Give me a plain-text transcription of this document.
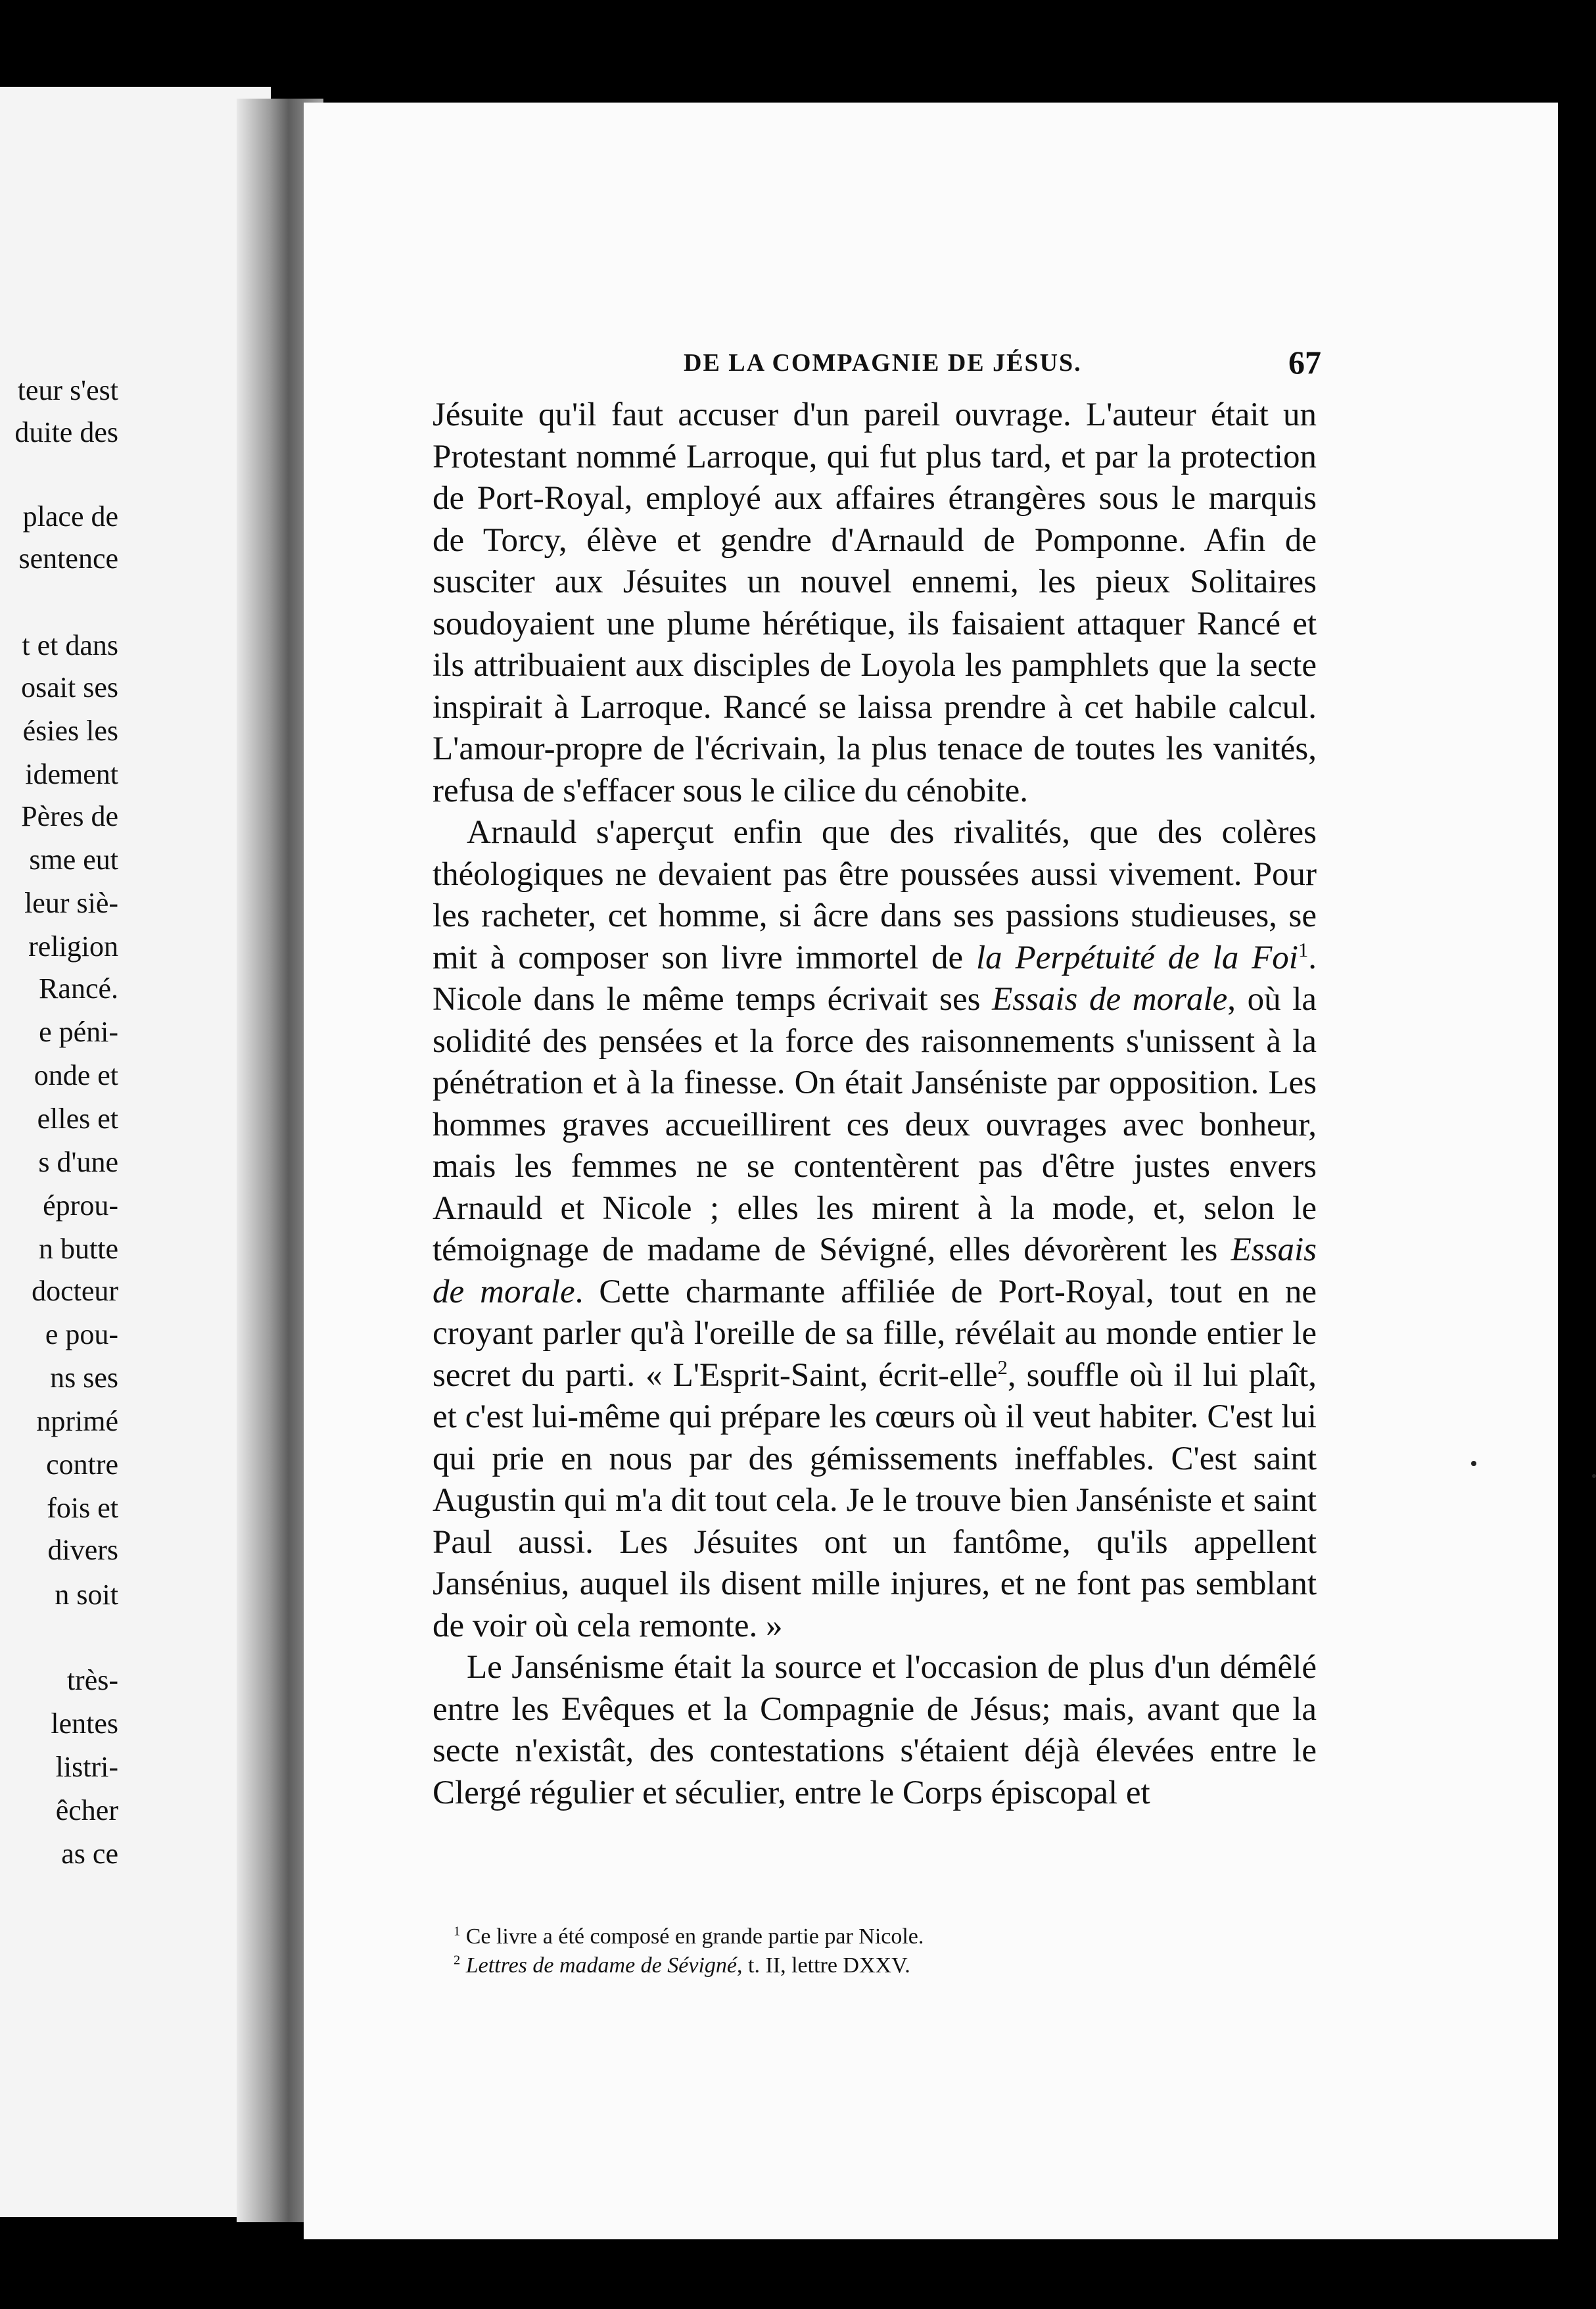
teur s'est
duite des
place de
sentence
t et dans
osait ses
ésies les
idement
Pères de
sme eut
leur siè-
religion
Rancé.
e péni-
onde et
elles et
s d'une
éprou-
n butte
docteur
e pou-
ns ses
nprimé
contre
fois et
divers
n soit
très-
lentes
listri-
êcher
as ce
DE LA COMPAGNIE DE JÉSUS.	67

Jésuite qu'il faut accuser d'un pareil ouvrage. L'auteur était un Protestant nommé Larroque, qui fut plus tard, et par la protection de Port-Royal, employé aux affaires étrangères sous le marquis de Torcy, élève et gendre d'Arnauld de Pomponne. Afin de susciter aux Jésuites un nouvel ennemi, les pieux Solitaires soudoyaient une plume hérétique, ils faisaient attaquer Rancé et ils attribuaient aux disciples de Loyola les pamphlets que la secte inspirait à Larroque. Rancé se laissa prendre à cet habile calcul. L'amour-propre de l'écrivain, la plus tenace de toutes les vanités, refusa de s'effacer sous le cilice du cénobite.

Arnauld s'aperçut enfin que des rivalités, que des colères théologiques ne devaient pas être poussées aussi vivement. Pour les racheter, cet homme, si âcre dans ses passions studieuses, se mit à composer son livre immortel de la Perpétuité de la Foi$^1$. Nicole dans le même temps écrivait ses Essais de morale, où la solidité des pensées et la force des raisonnements s'unissent à la pénétration et à la finesse. On était Janséniste par opposition. Les hommes graves accueillirent ces deux ouvrages avec bonheur, mais les femmes ne se contentèrent pas d'être justes envers Arnauld et Nicole ; elles les mirent à la mode, et, selon le témoignage de madame de Sévigné, elles dévorèrent les Essais de morale. Cette charmante affiliée de Port-Royal, tout en ne croyant parler qu'à l'oreille de sa fille, révélait au monde entier le secret du parti. « L'Esprit-Saint, écrit-elle$^2$, souffle où il lui plaît, et c'est lui-même qui prépare les cœurs où il veut habiter. C'est lui qui prie en nous par des gémissements ineffables. C'est saint Augustin qui m'a dit tout cela. Je le trouve bien Janséniste et saint Paul aussi. Les Jésuites ont un fantôme, qu'ils appellent Jansénius, auquel ils disent mille injures, et ne font pas semblant de voir où cela remonte. »

Le Jansénisme était la source et l'occasion de plus d'un démêlé entre les Evêques et la Compagnie de Jésus; mais, avant que la secte n'existât, des contestations s'étaient déjà élevées entre le Clergé régulier et séculier, entre le Corps épiscopal et

$^1$ Ce livre a été composé en grande partie par Nicole.
$^2$ Lettres de madame de Sévigné, t. II, lettre DXXV.
